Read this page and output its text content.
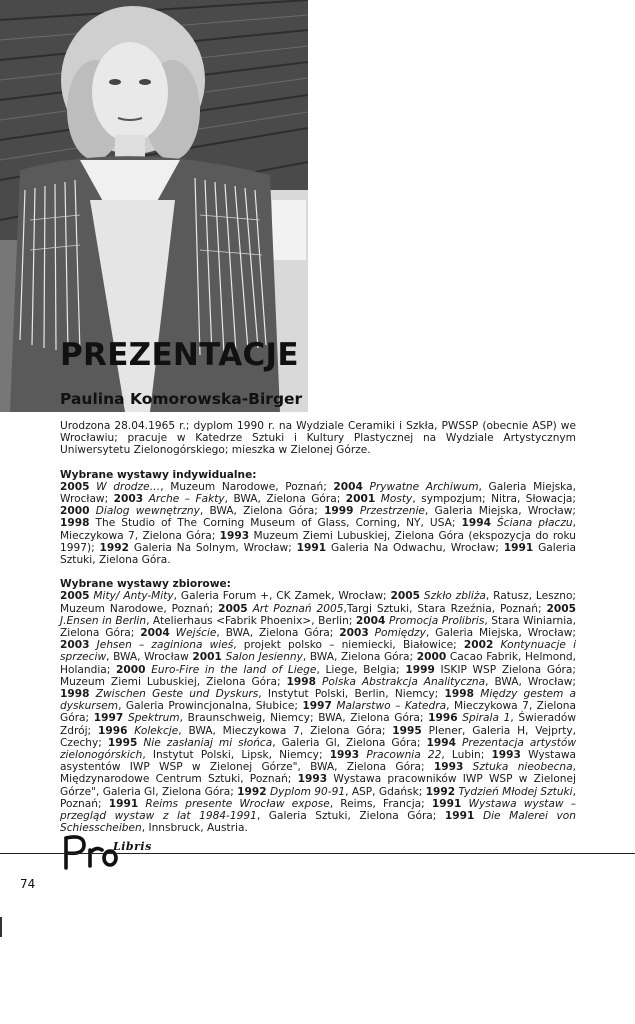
PREZENTACJE
Paulina Komorowska-Birger

Urodzona 28.04.1965 r.; dyplom 1990 r. na Wydziale Ceramiki i Szkła, PWSSP (obecnie ASP) we Wrocławiu; pracuje w Katedrze Sztuki i Kultury Plastycznej na Wydziale Artystycznym Uniwersytetu Zielonogórskiego; mieszka w Zielonej Górze.

Wybrane wystawy indywidualne:

2005 W drodze…, Muzeum Narodowe, Poznań; 2004 Prywatne Archiwum, Galeria Miejska, Wrocław; 2003 Arche – Fakty, BWA, Zielona Góra; 2001 Mosty, sympozjum; Nitra, Słowacja; 2000 Dialog wewnętrzny, BWA, Zielona Góra; 1999 Przestrzenie, Galeria Miejska, Wrocław; 1998 The Studio of The Corning Museum of Glass, Corning, NY, USA; 1994 Ściana płaczu, Mieczykowa 7, Zielona Góra; 1993 Muzeum Ziemi Lubuskiej, Zielona Góra (ekspozycja do roku 1997); 1992 Galeria Na Solnym, Wrocław; 1991 Galeria Na Odwachu, Wrocław; 1991 Galeria Sztuki, Zielona Góra.

Wybrane wystawy zbiorowe:

2005 Mity/ Anty-Mity, Galeria Forum +, CK Zamek, Wrocław; 2005 Szkło zbliża, Ratusz, Leszno; Muzeum Narodowe, Poznań; 2005 Art Poznań 2005,Targi Sztuki, Stara Rzeźnia, Poznań; 2005 J.Ensen in Berlin, Atelierhaus <Fabrik Phoenix>, Berlin; 2004 Promocja Prolibris, Stara Winiarnia, Zielona Góra; 2004 Wejście, BWA, Zielona Góra; 2003 Pomiędzy, Galeria Miejska, Wrocław; 2003 Jehsen – zaginiona wieś, projekt polsko – niemiecki, Białowice; 2002 Kontynuacje i sprzeciw, BWA, Wrocław 2001 Salon Jesienny, BWA, Zielona Góra; 2000 Cacao Fabrik, Helmond, Holandia; 2000 Euro-Fire in the land of Liege, Liege, Belgia; 1999 ISKIP WSP Zielona Góra; Muzeum Ziemi Lubuskiej, Zielona Góra; 1998 Polska Abstrakcja Analityczna, BWA, Wrocław; 1998 Zwischen Geste und Dyskurs, Instytut Polski, Berlin, Niemcy; 1998 Między gestem a dyskursem, Galeria Prowincjonalna, Słubice; 1997 Malarstwo – Katedra, Mieczykowa 7, Zielona Góra; 1997 Spektrum, Braunschweig, Niemcy; BWA, Zielona Góra; 1996 Spirala 1, Świeradów Zdrój; 1996 Kolekcje, BWA, Mieczykowa 7, Zielona Góra; 1995 Plener, Galeria H, Vejprty, Czechy; 1995 Nie zasłaniaj mi słońca, Galeria Gl, Zielona Góra; 1994 Prezentacja artystów zielonogórskich, Instytut Polski, Lipsk, Niemcy; 1993 Pracownia 22, Lubin; 1993 Wystawa asystentów IWP WSP w Zielonej Górze", BWA, Zielona Góra; 1993 Sztuka nieobecna, Międzynarodowe Centrum Sztuki, Poznań; 1993 Wystawa pracowników IWP WSP w Zielonej Górze", Galeria Gl, Zielona Góra; 1992 Dyplom 90-91, ASP, Gdańsk; 1992 Tydzień Młodej Sztuki, Poznań; 1991 Reims presente Wrocław expose, Reims, Francja; 1991 Wystawa wystaw – przegląd wystaw z lat 1984-1991, Galeria Sztuki, Zielona Góra; 1991 Die Malerei von Schiesscheiben, Innsbruck, Austria.

Libris
74
